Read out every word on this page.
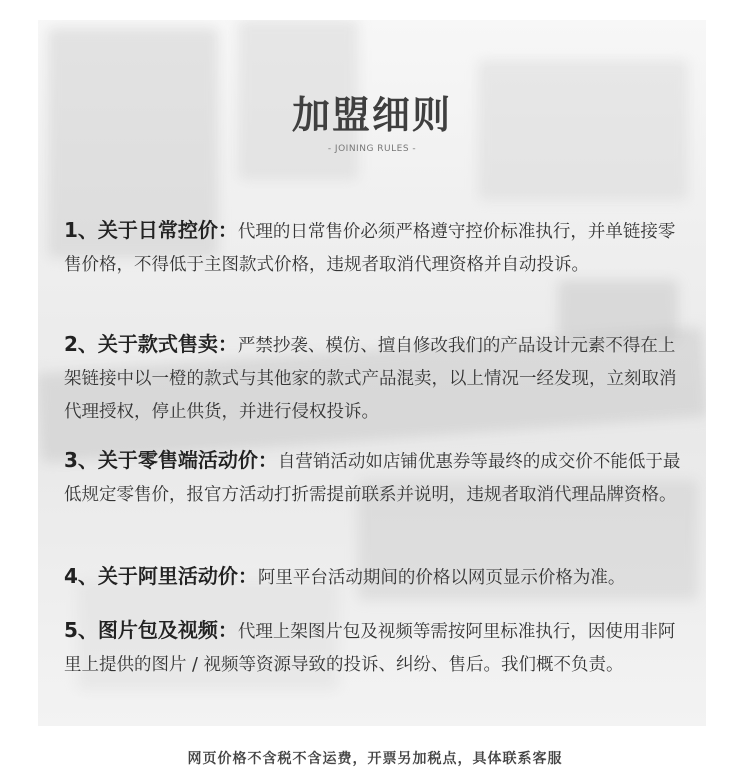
加盟细则
- JOINING RULES -
1、关于日常控价：代理的日常售价必须严格遵守控价标准执行，并单链接零售价格，不得低于主图款式价格，违规者取消代理资格并自动投诉。
2、关于款式售卖：严禁抄袭、模仿、擅自修改我们的产品设计元素不得在上架链接中以一橙的款式与其他家的款式产品混卖，以上情况一经发现，立刻取消代理授权，停止供货，并进行侵权投诉。
3、关于零售端活动价：自营销活动如店铺优惠券等最终的成交价不能低于最低规定零售价，报官方活动打折需提前联系并说明，违规者取消代理品牌资格。
4、关于阿里活动价：阿里平台活动期间的价格以网页显示价格为准。
5、图片包及视频：代理上架图片包及视频等需按阿里标准执行，因使用非阿里上提供的图片 / 视频等资源导致的投诉、纠纷、售后。我们概不负责。
网页价格不含税不含运费，开票另加税点，具体联系客服
